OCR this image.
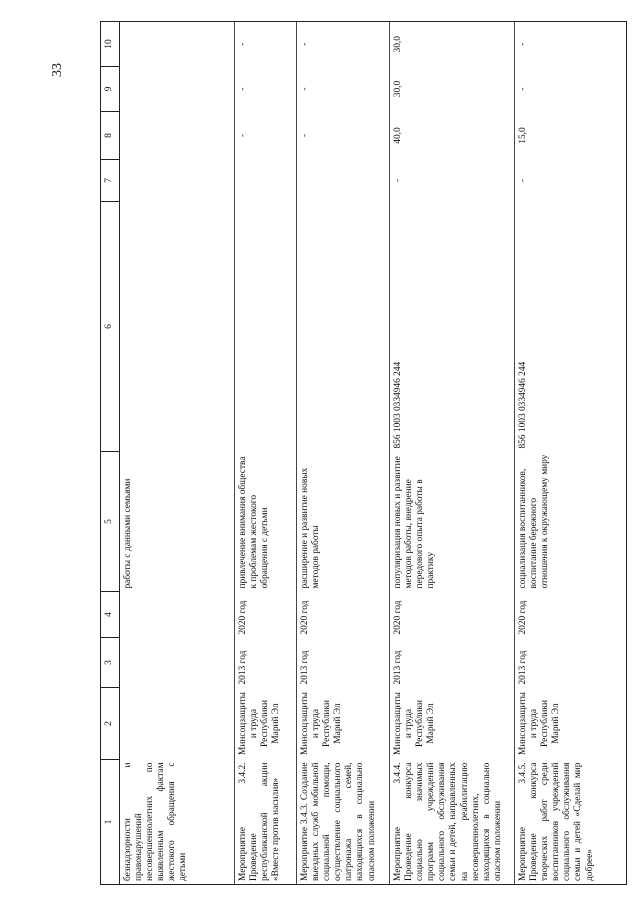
33
1	2	3	4	5	6	7	8	9	10
безнадзорности и правонарушений несовершеннолетних по выявленным фактам жестокого обращения с детьми				работы с данными семьями					
Мероприятие 3.4.2. Проведение республиканской акции «Вместе против насилия»	Минсоцзащиты и труда Республики Марий Эл	2013 год	2020 год	привлечение внимания общества к проблемам жестокого обращения с детьми			-	-	-
Мероприятие 3.4.3. Создание выездных служб мобильной социальной помощи, осуществление социального патронажа семей, находящихся в социально опасном положении	Минсоцзащиты и труда Республики Марий Эл	2013 год	2020 год	расширение и развитие новых методов работы			-	-	-
Мероприятие 3.4.4. Проведение конкурса социально значимых программ учреждений социального обслуживания семьи и детей, направленных на реабилитацию несовершеннолетних, находящихся в социально опасном положении	Минсоцзащиты и труда Республики Марий Эл	2013 год	2020 год	популяризация новых и развитие методов работы, внедрение передового опыта работы в практику	856 1003 0334946 244	-	40,0	30,0	30,0
Мероприятие 3.4.5. Проведение конкурса творческих работ среди воспитанников учреждений социального обслуживания семьи и детей «Сделай мир добрее»	Минсоцзащиты и труда Республики Марий Эл	2013 год	2020 год	социализация воспитанников, воспитание бережного отношения к окружающему миру	856 1003 0334946 244	-	15,0	-	-
